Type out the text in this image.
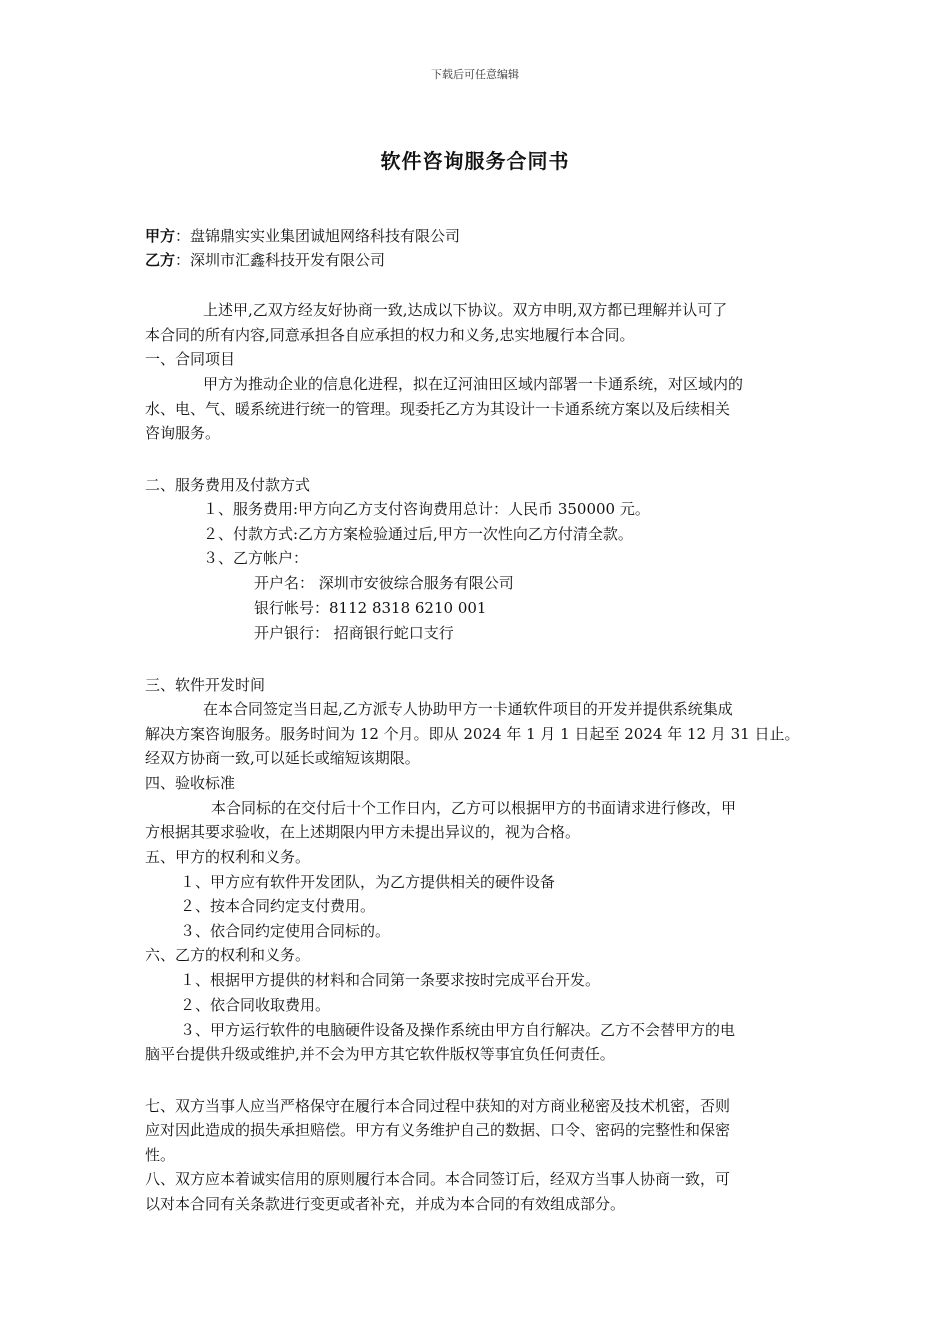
下载后可任意编辑
软件咨询服务合同书
甲方：盘锦鼎实实业集团诚旭网络科技有限公司
乙方：深圳市汇鑫科技开发有限公司
上述甲,乙双方经友好协商一致,达成以下协议。双方申明,双方都已理解并认可了
本合同的所有内容,同意承担各自应承担的权力和义务,忠实地履行本合同。
一、合同项目
甲方为推动企业的信息化进程，拟在辽河油田区域内部署一卡通系统，对区域内的
水、电、气、暖系统进行统一的管理。现委托乙方为其设计一卡通系统方案以及后续相关
咨询服务。
二、服务费用及付款方式
１、服务费用:甲方向乙方支付咨询费用总计：人民币 350000 元。
２、付款方式:乙方方案检验通过后,甲方一次性向乙方付清全款。
３、乙方帐户：
开户名： 深圳市安彼综合服务有限公司
银行帐号：8112 8318 6210 001
开户银行： 招商银行蛇口支行
三、软件开发时间
在本合同签定当日起,乙方派专人协助甲方一卡通软件项目的开发并提供系统集成
解决方案咨询服务。服务时间为 12 个月。即从 2024 年 1 月 1 日起至 2024 年 12 月 31 日止。
经双方协商一致,可以延长或缩短该期限。
四、验收标准
本合同标的在交付后十个工作日内，乙方可以根据甲方的书面请求进行修改，甲
方根据其要求验收，在上述期限内甲方未提出异议的，视为合格。
五、甲方的权利和义务。
１、甲方应有软件开发团队，为乙方提供相关的硬件设备
２、按本合同约定支付费用。
３、依合同约定使用合同标的。
六、乙方的权利和义务。
１、根据甲方提供的材料和合同第一条要求按时完成平台开发。
２、依合同收取费用。
３、甲方运行软件的电脑硬件设备及操作系统由甲方自行解决。乙方不会替甲方的电
脑平台提供升级或维护,并不会为甲方其它软件版权等事宜负任何责任。
七、双方当事人应当严格保守在履行本合同过程中获知的对方商业秘密及技术机密，否则
应对因此造成的损失承担赔偿。甲方有义务维护自己的数据、口令、密码的完整性和保密
性。
八、双方应本着诚实信用的原则履行本合同。本合同签订后，经双方当事人协商一致，可
以对本合同有关条款进行变更或者补充，并成为本合同的有效组成部分。
